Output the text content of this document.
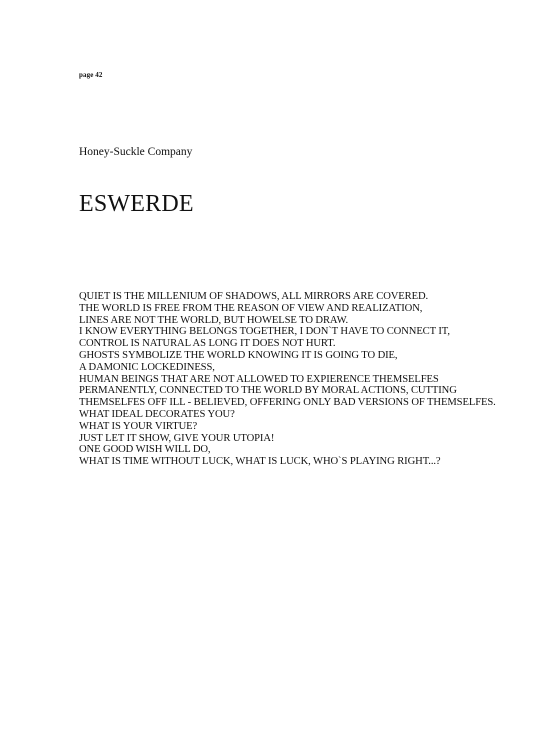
page 42
Honey-Suckle Company
ESWERDE
QUIET IS THE MILLENIUM OF SHADOWS, ALL MIRRORS ARE COVERED.
THE WORLD IS FREE FROM THE REASON OF VIEW AND REALIZATION,
LINES ARE NOT THE WORLD, BUT HOWELSE TO DRAW.
I KNOW EVERYTHING BELONGS TOGETHER, I DON`T HAVE TO CONNECT IT,
CONTROL IS NATURAL AS LONG IT DOES NOT HURT.
GHOSTS SYMBOLIZE THE WORLD KNOWING IT IS GOING TO DIE,
A DAMONIC LOCKEDINESS,
HUMAN BEINGS THAT ARE NOT ALLOWED TO EXPIERENCE THEMSELFES
PERMANENTLY, CONNECTED TO THE WORLD BY MORAL ACTIONS, CUTTING
THEMSELFES OFF ILL - BELIEVED, OFFERING ONLY BAD VERSIONS OF THEMSELFES.
WHAT IDEAL DECORATES YOU?
WHAT IS YOUR VIRTUE?
JUST LET IT SHOW, GIVE YOUR UTOPIA!
ONE GOOD WISH WILL DO,
WHAT IS TIME WITHOUT LUCK, WHAT IS LUCK, WHO`S PLAYING RIGHT...?
